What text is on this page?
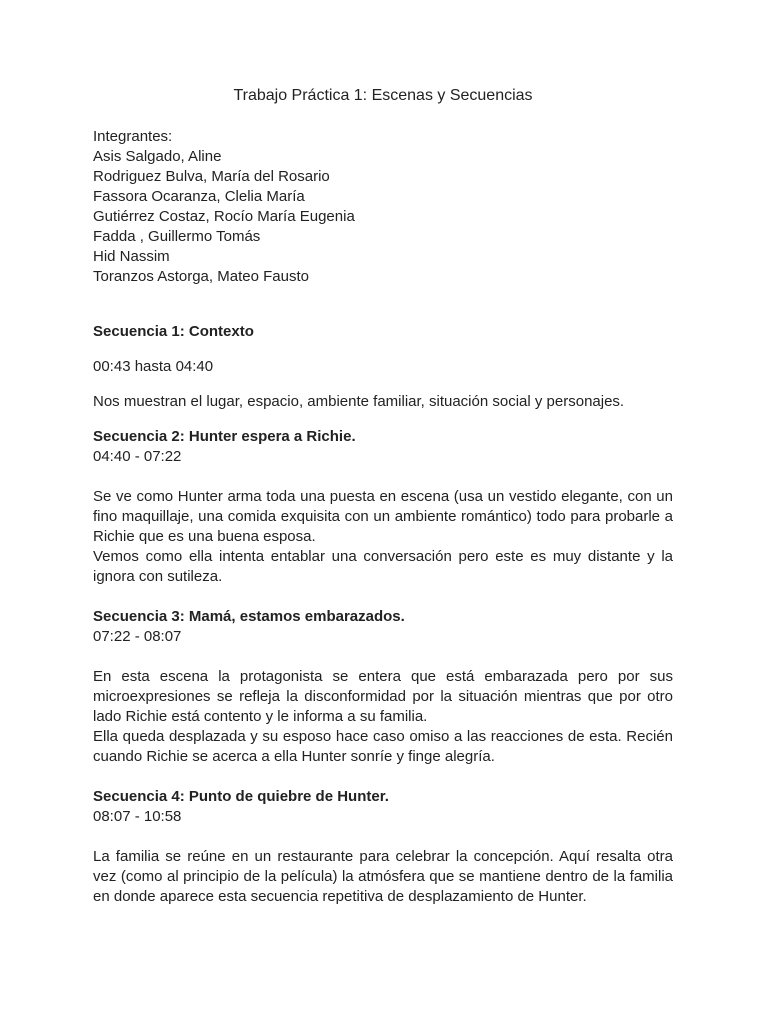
Trabajo Práctica 1: Escenas y Secuencias

Integrantes:

Asis Salgado, Aline
Rodriguez Bulva, María del Rosario
Fassora Ocaranza, Clelia María
Gutiérrez Costaz, Rocío María Eugenia
Fadda , Guillermo Tomás
Hid Nassim
Toranzos Astorga, Mateo Fausto

Secuencia 1: Contexto

00:43 hasta 04:40

Nos muestran el lugar, espacio, ambiente familiar, situación social y personajes.

Secuencia 2: Hunter espera a Richie.

04:40 - 07:22

Se ve como Hunter arma toda una puesta en escena (usa un vestido elegante, con un fino maquillaje, una comida exquisita con un ambiente romántico) todo para probarle a Richie que es una buena esposa.

Vemos como ella intenta entablar una conversación pero este es muy distante y la ignora con sutileza.

Secuencia 3: Mamá, estamos embarazados.

07:22 - 08:07

En esta escena la protagonista se entera que está embarazada pero por sus microexpresiones se refleja la disconformidad por la situación mientras que por otro lado Richie está contento y le informa a su familia.

Ella queda desplazada y su esposo hace caso omiso a las reacciones de esta. Recién cuando Richie se acerca a ella Hunter sonríe y finge alegría.

Secuencia 4: Punto de quiebre de Hunter.

08:07 - 10:58

La familia se reúne en un restaurante para celebrar la concepción. Aquí resalta otra vez (como al principio de la película) la atmósfera que se mantiene dentro de la familia en donde aparece esta secuencia repetitiva de desplazamiento de Hunter.
